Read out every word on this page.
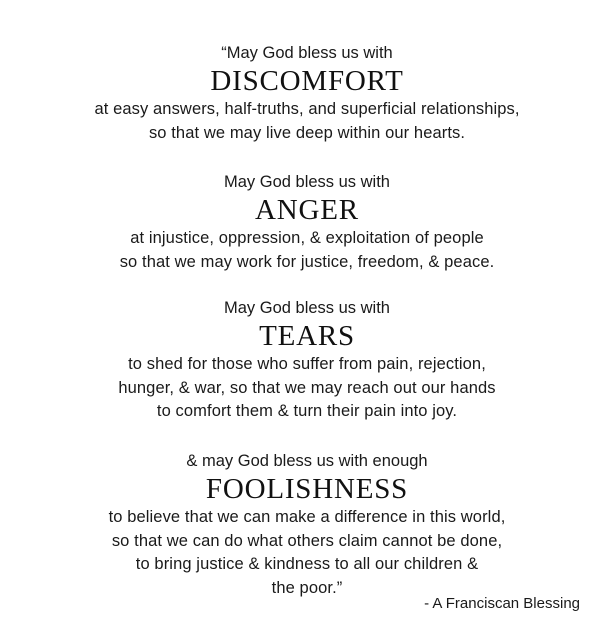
“May God bless us with
DISCOMFORT
at easy answers, half-truths, and superficial relationships,
so that we may live deep within our hearts.
May God bless us with
ANGER
at injustice, oppression, & exploitation of people
so that we may work for justice, freedom, & peace.
May God bless us with
TEARS
to shed for those who suffer from pain, rejection,
hunger, & war, so that we may reach out our hands
to comfort them & turn their pain into joy.
& may God bless us with enough
FOOLISHNESS
to believe that we can make a difference in this world,
so that we can do what others claim cannot be done,
to bring justice & kindness to all our children &
the poor.”
- A Franciscan Blessing
